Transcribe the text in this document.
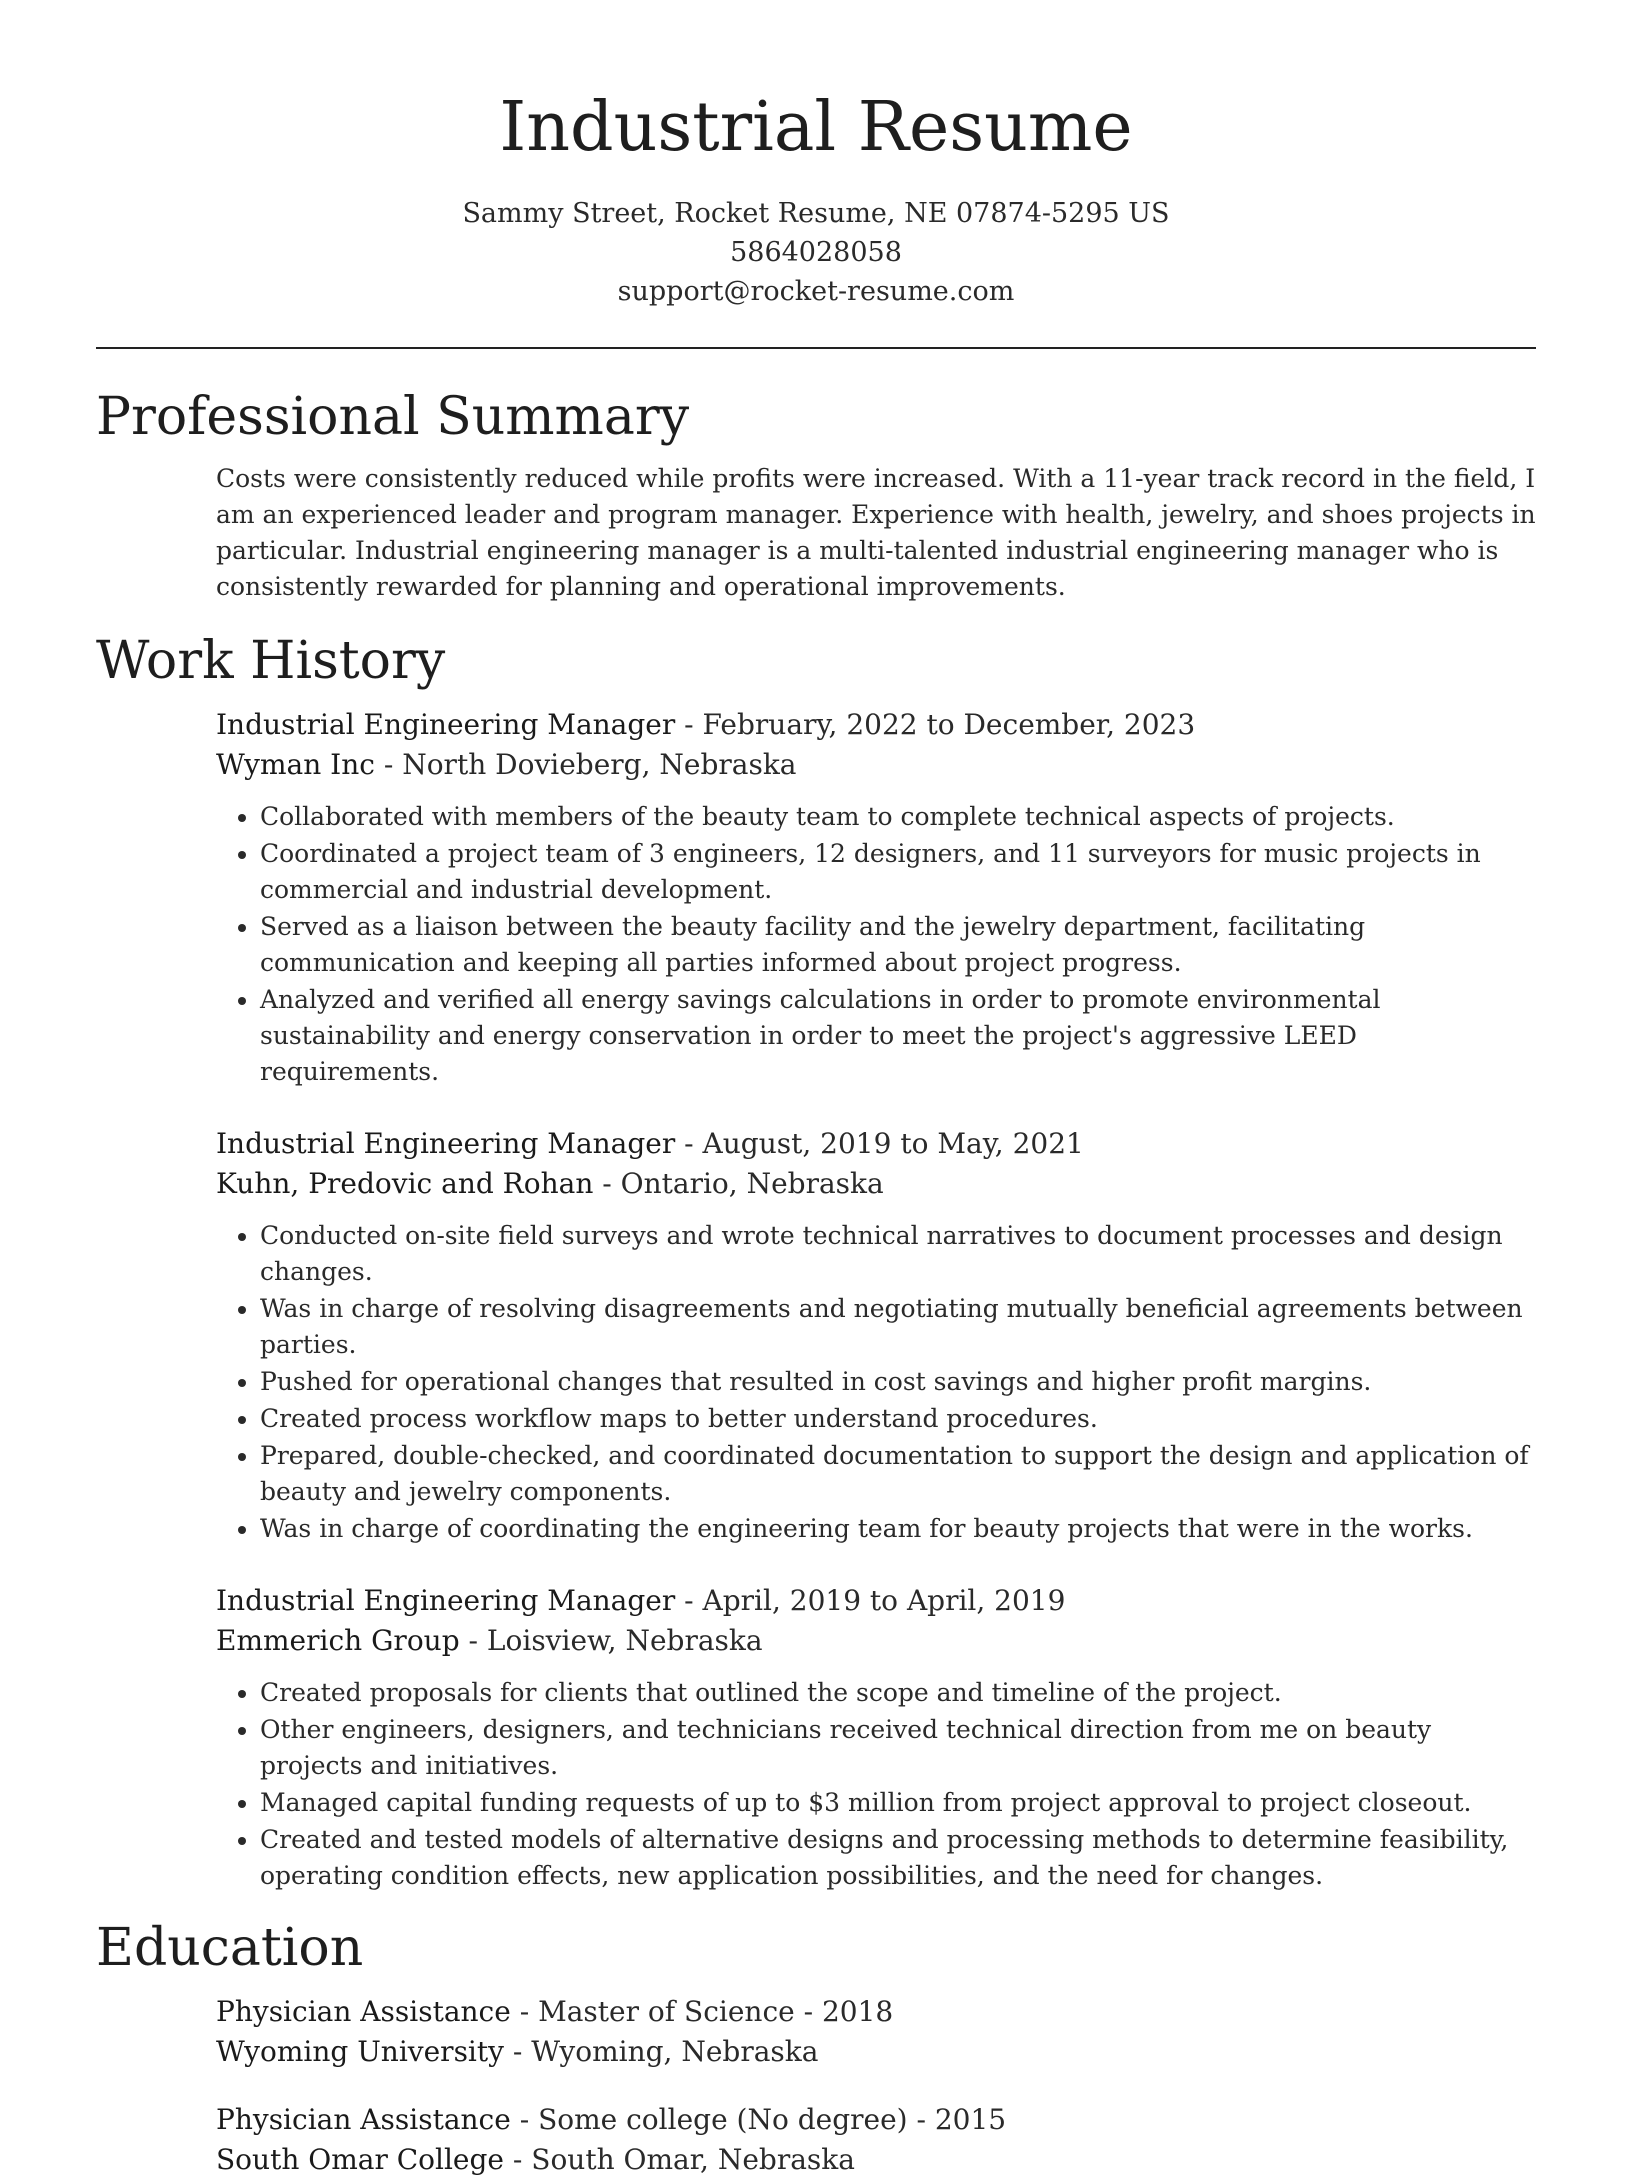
Industrial Resume
Sammy Street, Rocket Resume, NE 07874-5295 US
5864028058
support@rocket-resume.com
Professional Summary

Costs were consistently reduced while profits were increased. With a 11-year track record in the field, I am an experienced leader and program manager. Experience with health, jewelry, and shoes projects in particular. Industrial engineering manager is a multi-talented industrial engineering manager who is consistently rewarded for planning and operational improvements.

Work History
Industrial Engineering Manager - February, 2022 to December, 2023
Wyman Inc - North Dovieberg, Nebraska
• Collaborated with members of the beauty team to complete technical aspects of projects.
• Coordinated a project team of 3 engineers, 12 designers, and 11 surveyors for music projects in commercial and industrial development.
• Served as a liaison between the beauty facility and the jewelry department, facilitating communication and keeping all parties informed about project progress.
• Analyzed and verified all energy savings calculations in order to promote environmental sustainability and energy conservation in order to meet the project's aggressive LEED requirements.
Industrial Engineering Manager - August, 2019 to May, 2021
Kuhn, Predovic and Rohan - Ontario, Nebraska
• Conducted on-site field surveys and wrote technical narratives to document processes and design changes.
• Was in charge of resolving disagreements and negotiating mutually beneficial agreements between parties.
• Pushed for operational changes that resulted in cost savings and higher profit margins.
• Created process workflow maps to better understand procedures.
• Prepared, double-checked, and coordinated documentation to support the design and application of beauty and jewelry components.
• Was in charge of coordinating the engineering team for beauty projects that were in the works.
Industrial Engineering Manager - April, 2019 to April, 2019
Emmerich Group - Loisview, Nebraska
• Created proposals for clients that outlined the scope and timeline of the project.
• Other engineers, designers, and technicians received technical direction from me on beauty projects and initiatives.
• Managed capital funding requests of up to $3 million from project approval to project closeout.
• Created and tested models of alternative designs and processing methods to determine feasibility, operating condition effects, new application possibilities, and the need for changes.
Education
Physician Assistance - Master of Science - 2018
Wyoming University - Wyoming, Nebraska
Physician Assistance - Some college (No degree) - 2015
South Omar College - South Omar, Nebraska
